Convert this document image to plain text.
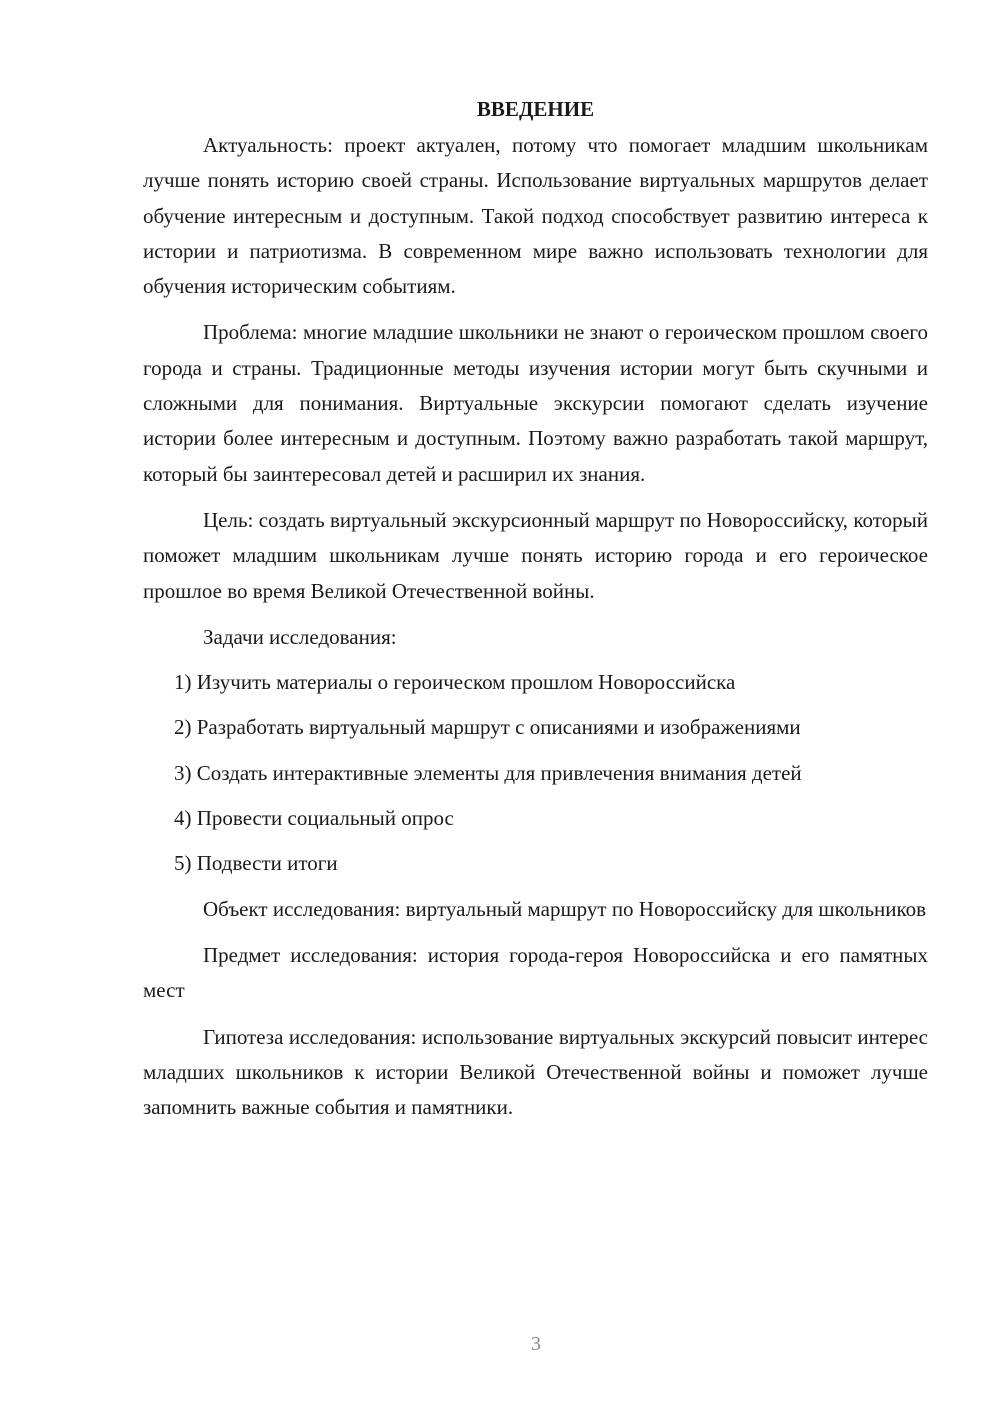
ВВЕДЕНИЕ

Актуальность: проект актуален, потому что помогает младшим школьникам лучше понять историю своей страны. Использование виртуальных маршрутов делает обучение интересным и доступным. Такой подход способствует развитию интереса к истории и патриотизма. В современном мире важно использовать технологии для обучения историческим событиям.

Проблема: многие младшие школьники не знают о героическом прошлом своего города и страны. Традиционные методы изучения истории могут быть скучными и сложными для понимания. Виртуальные экскурсии помогают сделать изучение истории более интересным и доступным. Поэтому важно разработать такой маршрут, который бы заинтересовал детей и расширил их знания.

Цель: создать виртуальный экскурсионный маршрут по Новороссийску, который поможет младшим школьникам лучше понять историю города и его героическое прошлое во время Великой Отечественной войны.

Задачи исследования:

1) Изучить материалы о героическом прошлом Новороссийска
2) Разработать виртуальный маршрут с описаниями и изображениями
3) Создать интерактивные элементы для привлечения внимания детей
4) Провести социальный опрос
5) Подвести итоги

Объект исследования: виртуальный маршрут по Новороссийску для школьников

Предмет исследования: история города-героя Новороссийска и его памятных мест

Гипотеза исследования: использование виртуальных экскурсий повысит интерес младших школьников к истории Великой Отечественной войны и поможет лучше запомнить важные события и памятники.

3
